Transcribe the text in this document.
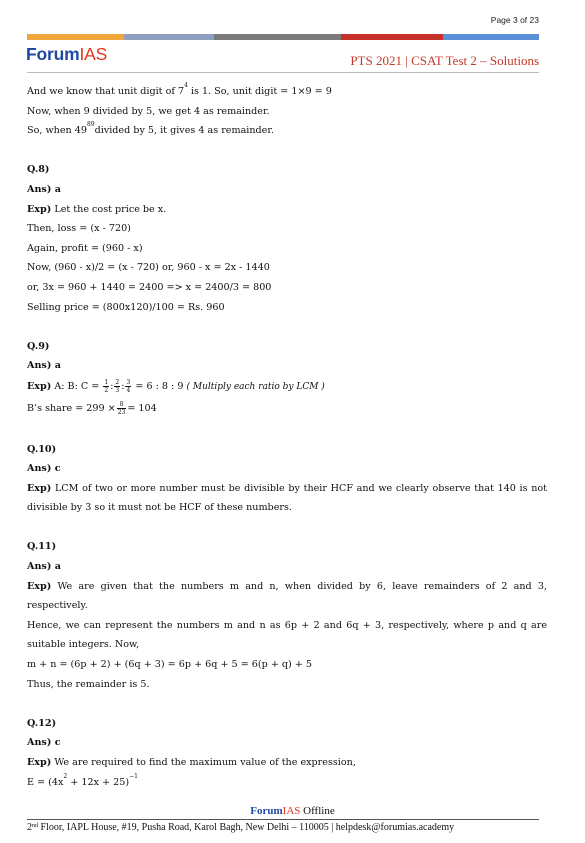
Page 3 of 23
ForumIAS	PTS 2021 | CSAT Test 2 – Solutions
And we know that unit digit of $7^4$ is 1. So, unit digit = 1×9 = 9
Now, when 9 divided by 5, we get 4 as remainder.
So, when $49^{89}divided$ by 5, it gives 4 as remainder.
Q.8)
Ans) a
Exp) Let the cost price be x.
Then, loss = (x - 720)
Again, profit = (960 - x)
Now, (960 - x)/2 = (x - 720) or, 960 - x = 2x - 1440
or, 3x = 960 + 1440 = 2400 => x = 2400/3 = 800
Selling price = (800x120)/100 = Rs. 960
Q.9)
Ans) a
Exp) A: B: $C = \frac{1}{2}$ : $\frac{2}{3}$ : $\frac{3}{4} = 6$ : 8 : 9 ( Multiply each ratio by LCM )
B’s share = $299 \times \frac{8}{23} = 104$
Q.10)
Ans) c
Exp) LCM of two or more number must be divisible by their HCF and we clearly observe that 140 is not divisible by 3 so it must not be HCF of these numbers.
Q.11)
Ans) a
Exp) We are given that the numbers m and n, when divided by 6, leave remainders of 2 and 3, respectively.
Hence, we can represent the numbers m and n as 6p + 2 and 6q + 3, respectively, where p and q are suitable integers. Now,
m + n = (6p + 2) + (6q + 3) = 6p + 6q + 5 = 6(p + q) + 5
Thus, the remainder is 5.
Q.12)
Ans) c
Exp) We are required to find the maximum value of the expression,
$E = (4x^2 + 12x + 25)^{-1}$
ForumIAS Offline
2nd Floor, IAPL House, #19, Pusha Road, Karol Bagh, New Delhi – 110005 | helpdesk@forumias.academy
